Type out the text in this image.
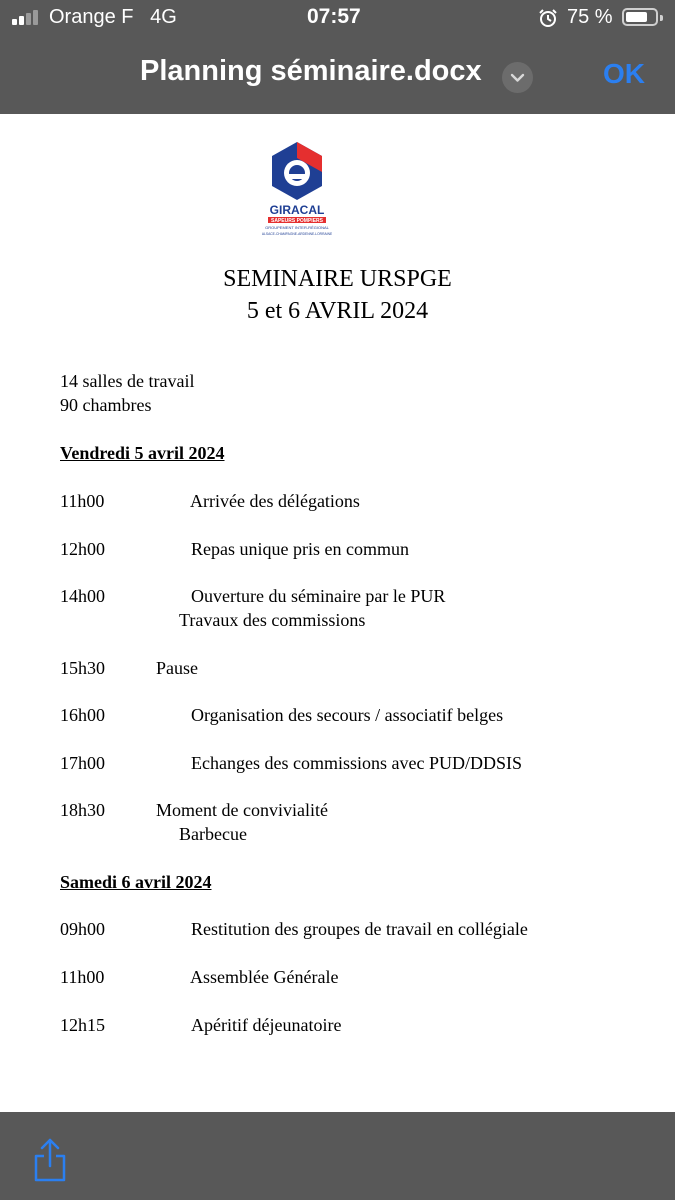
Orange F 4G	07:57	75 %
Planning séminaire.docx	OK
GIRACAL
SAPEURS POMPIERS
GROUPEMENT INTER-RÉGIONAL
ALSACE-CHAMPAGNE-ARDENNE-LORRAINE
SEMINAIRE URSPGE
5 et 6 AVRIL 2024
14 salles de travail
90 chambres
Vendredi 5 avril 2024
11h00	Arrivée des délégations
12h00	Repas unique pris en commun
14h00	Ouverture du séminaire par le PUR
Travaux des commissions
15h30	Pause
16h00	Organisation des secours / associatif belges
17h00	Echanges des commissions avec PUD/DDSIS
18h30	Moment de convivialité
Barbecue
Samedi 6 avril 2024
09h00	Restitution des groupes de travail en collégiale
11h00	Assemblée Générale
12h15	Apéritif déjeunatoire
